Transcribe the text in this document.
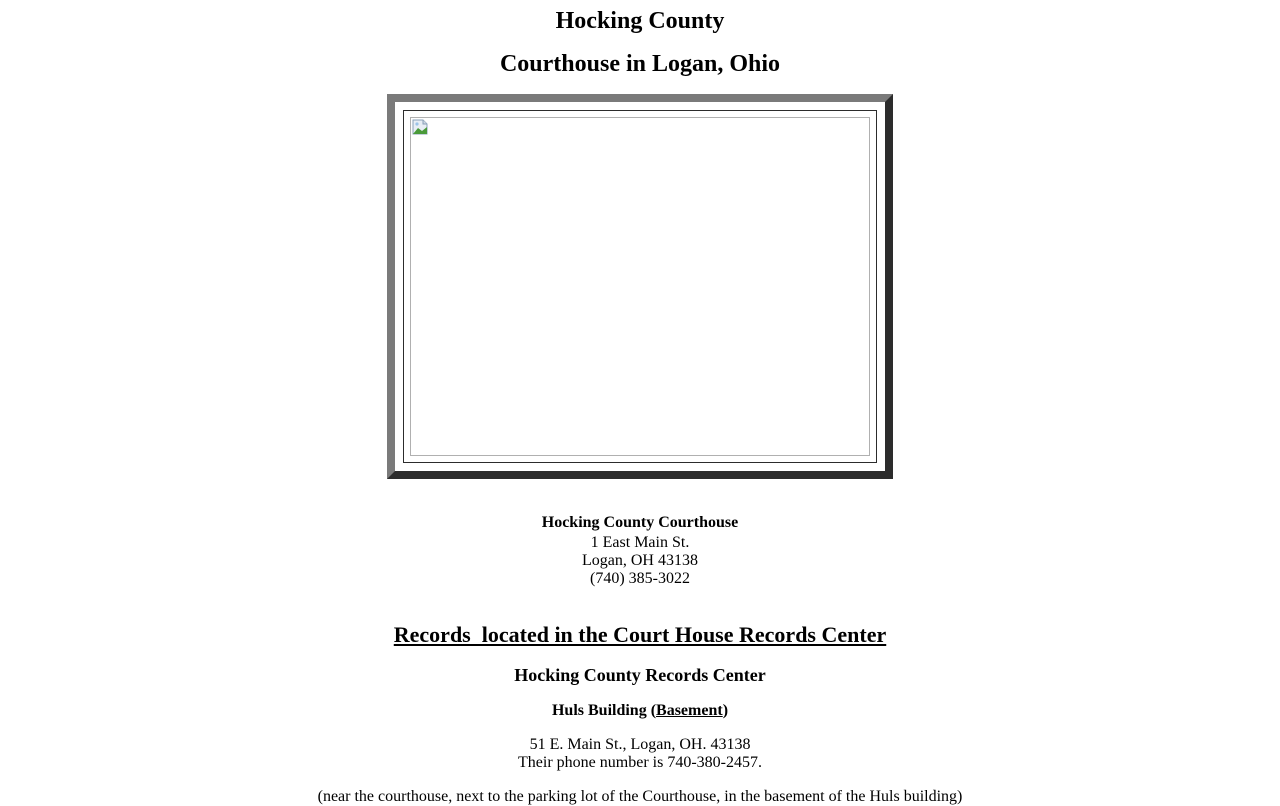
Hocking County
Courthouse in Logan, Ohio
Hocking County Courthouse
1 East Main St.
Logan, OH 43138
(740) 385-3022
Records  located in the Court House Records Center
Hocking County Records Center
Huls Building (Basement)
51 E. Main St., Logan, OH. 43138
Their phone number is 740-380-2457.
(near the courthouse, next to the parking lot of the Courthouse, in the basement of the Huls building)
